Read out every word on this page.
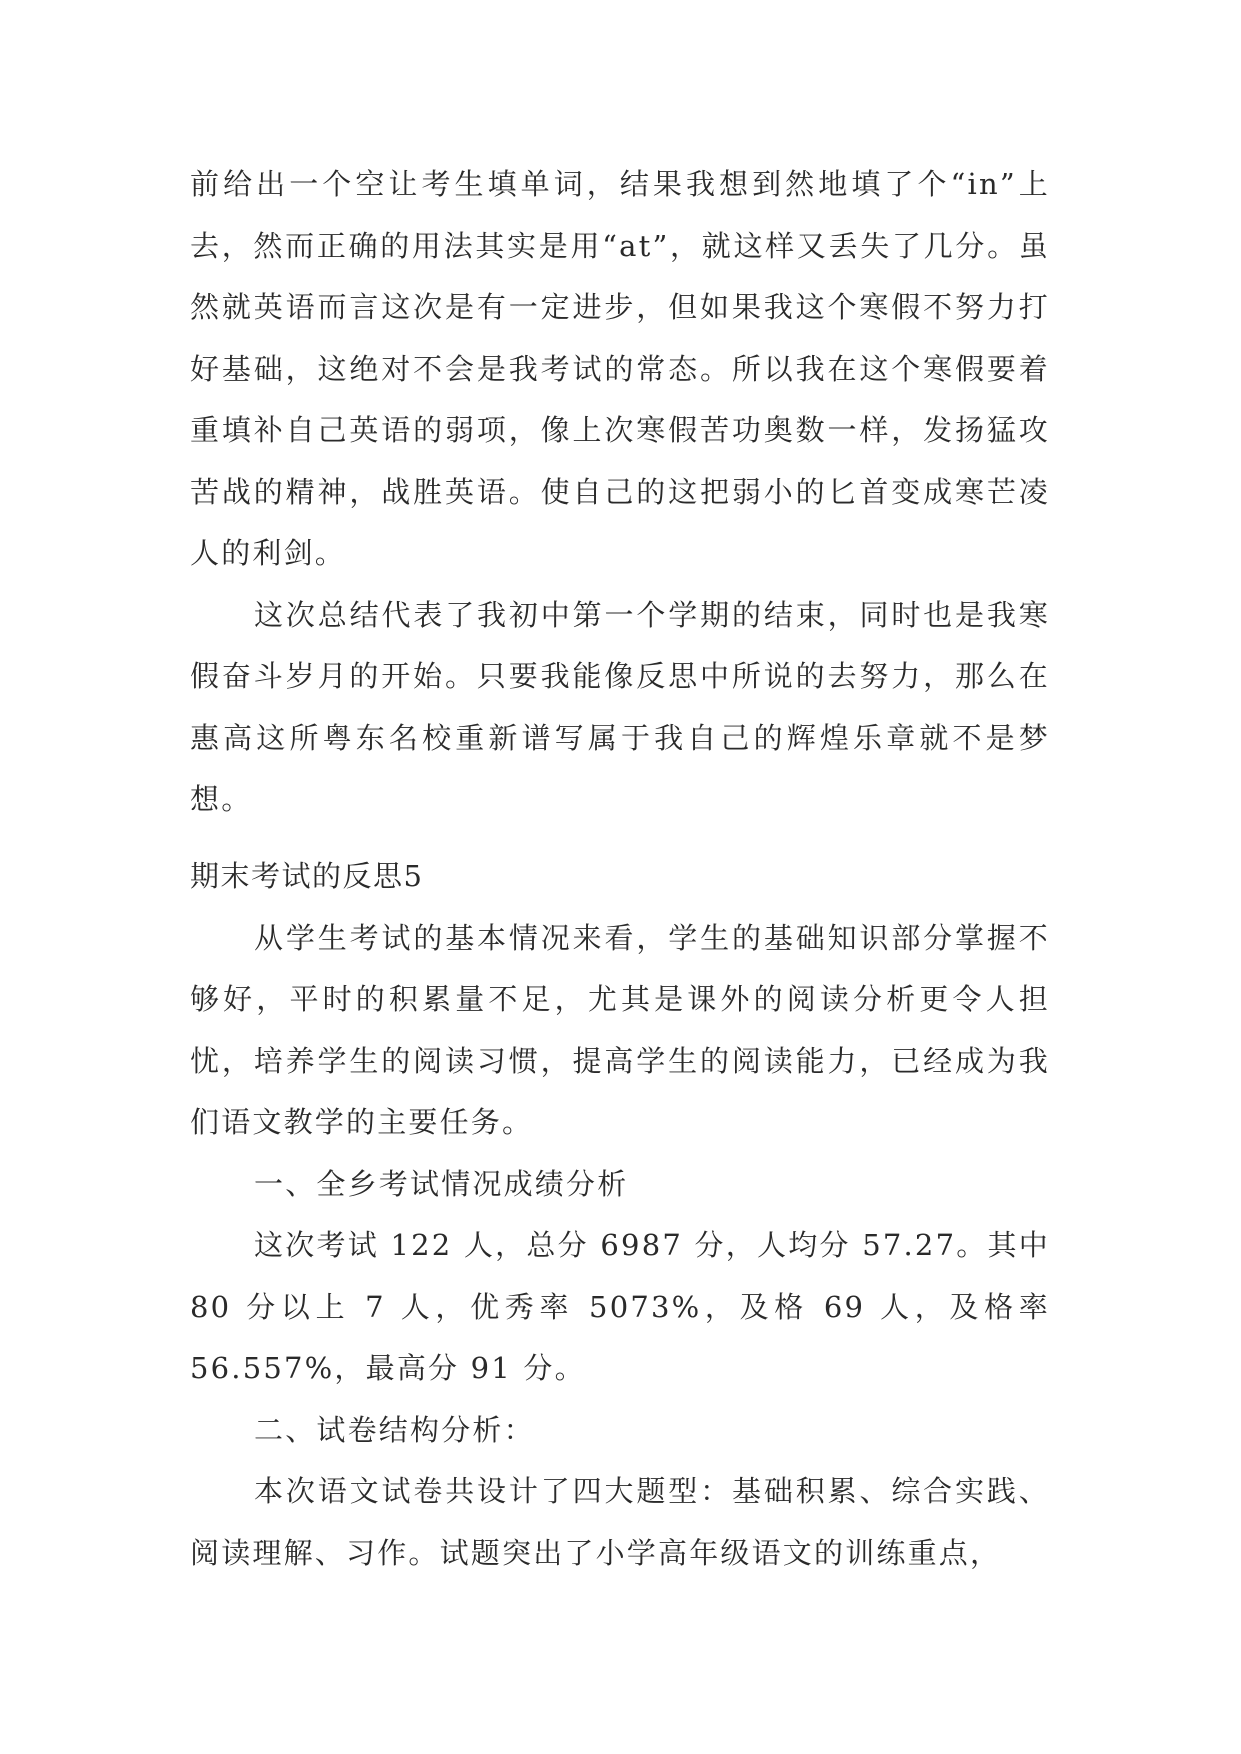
前给出一个空让考生填单词，结果我想到然地填了个“in”上去，然而正确的用法其实是用“at”，就这样又丢失了几分。虽然就英语而言这次是有一定进步，但如果我这个寒假不努力打好基础，这绝对不会是我考试的常态。所以我在这个寒假要着重填补自己英语的弱项，像上次寒假苦功奥数一样，发扬猛攻苦战的精神，战胜英语。使自己的这把弱小的匕首变成寒芒凌人的利剑。

这次总结代表了我初中第一个学期的结束，同时也是我寒假奋斗岁月的开始。只要我能像反思中所说的去努力，那么在惠高这所粤东名校重新谱写属于我自己的辉煌乐章就不是梦想。

期末考试的反思5

从学生考试的基本情况来看，学生的基础知识部分掌握不够好，平时的积累量不足，尤其是课外的阅读分析更令人担忧，培养学生的阅读习惯，提高学生的阅读能力，已经成为我们语文教学的主要任务。

一、全乡考试情况成绩分析

这次考试 122 人，总分 6987 分，人均分 57.27。其中 80 分以上 7 人，优秀率 5073%，及格 69 人，及格率 56.557%，最高分 91 分。

二、试卷结构分析：

本次语文试卷共设计了四大题型：基础积累、综合实践、阅读理解、习作。试题突出了小学高年级语文的训练重点，
